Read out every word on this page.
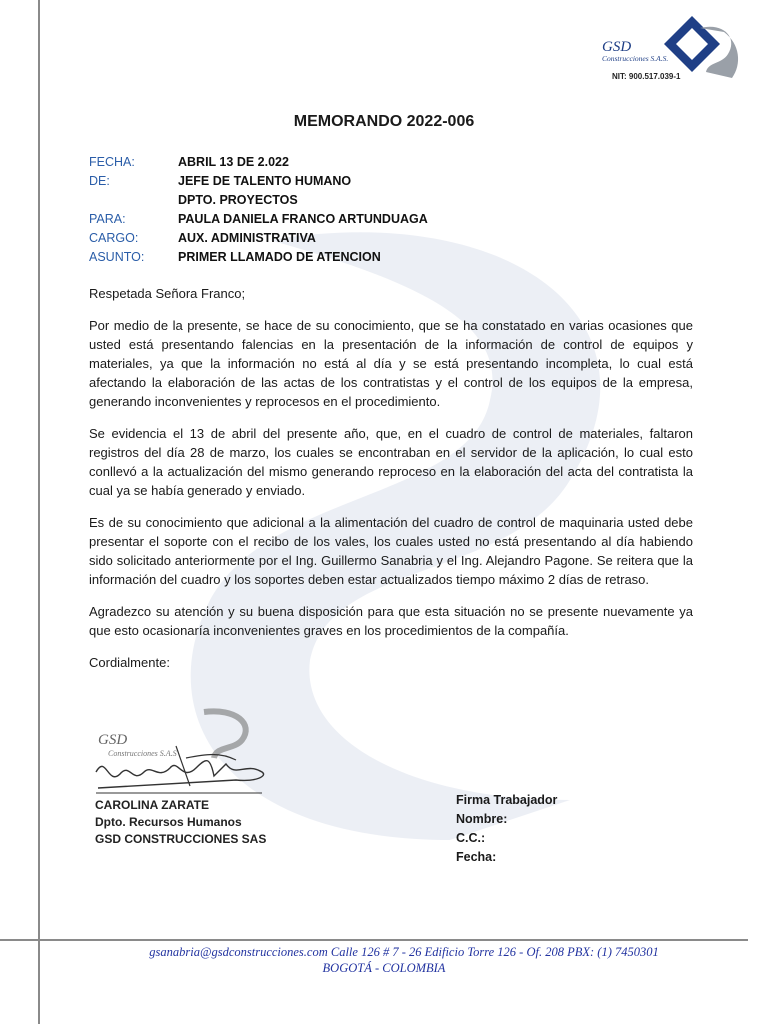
GSD
Construcciones S.A.S.
NIT: 900.517.039-1
MEMORANDO 2022-006
FECHA:	ABRIL 13 DE 2.022
DE:	JEFE DE TALENTO HUMANO
DPTO. PROYECTOS
PARA:	PAULA DANIELA FRANCO ARTUNDUAGA
CARGO:	AUX. ADMINISTRATIVA
ASUNTO:	PRIMER LLAMADO DE ATENCION

Respetada Señora Franco;

Por medio de la presente, se hace de su conocimiento, que se ha constatado en varias ocasiones que usted está presentando falencias en la presentación de la información de control de equipos y materiales, ya que la información no está al día y se está presentando incompleta, lo cual está afectando la elaboración de las actas de los contratistas y el control de los equipos de la empresa, generando inconvenientes y reprocesos en el procedimiento.

Se evidencia el 13 de abril del presente año, que, en el cuadro de control de materiales, faltaron registros del día 28 de marzo, los cuales se encontraban en el servidor de la aplicación, lo cual esto conllevó a la actualización del mismo generando reproceso en la elaboración del acta del contratista la cual ya se había generado y enviado.

Es de su conocimiento que adicional a la alimentación del cuadro de control de maquinaria usted debe presentar el soporte con el recibo de los vales, los cuales usted no está presentando al día habiendo sido solicitado anteriormente por el Ing. Guillermo Sanabria y el Ing. Alejandro Pagone. Se reitera que la información del cuadro y los soportes deben estar actualizados tiempo máximo 2 días de retraso.

Agradezco su atención y su buena disposición para que esta situación no se presente nuevamente ya que esto ocasionaría inconvenientes graves en los procedimientos de la compañía.

Cordialmente:

GSD
Construcciones S.A.S
CAROLINA ZARATE
Dpto. Recursos Humanos
GSD CONSTRUCCIONES SAS
Firma Trabajador
Nombre:
C.C.:
Fecha:
gsanabria@gsdconstrucciones.com Calle 126 # 7 - 26 Edificio Torre 126 - Of. 208 PBX: (1) 7450301
BOGOTÁ - COLOMBIA
